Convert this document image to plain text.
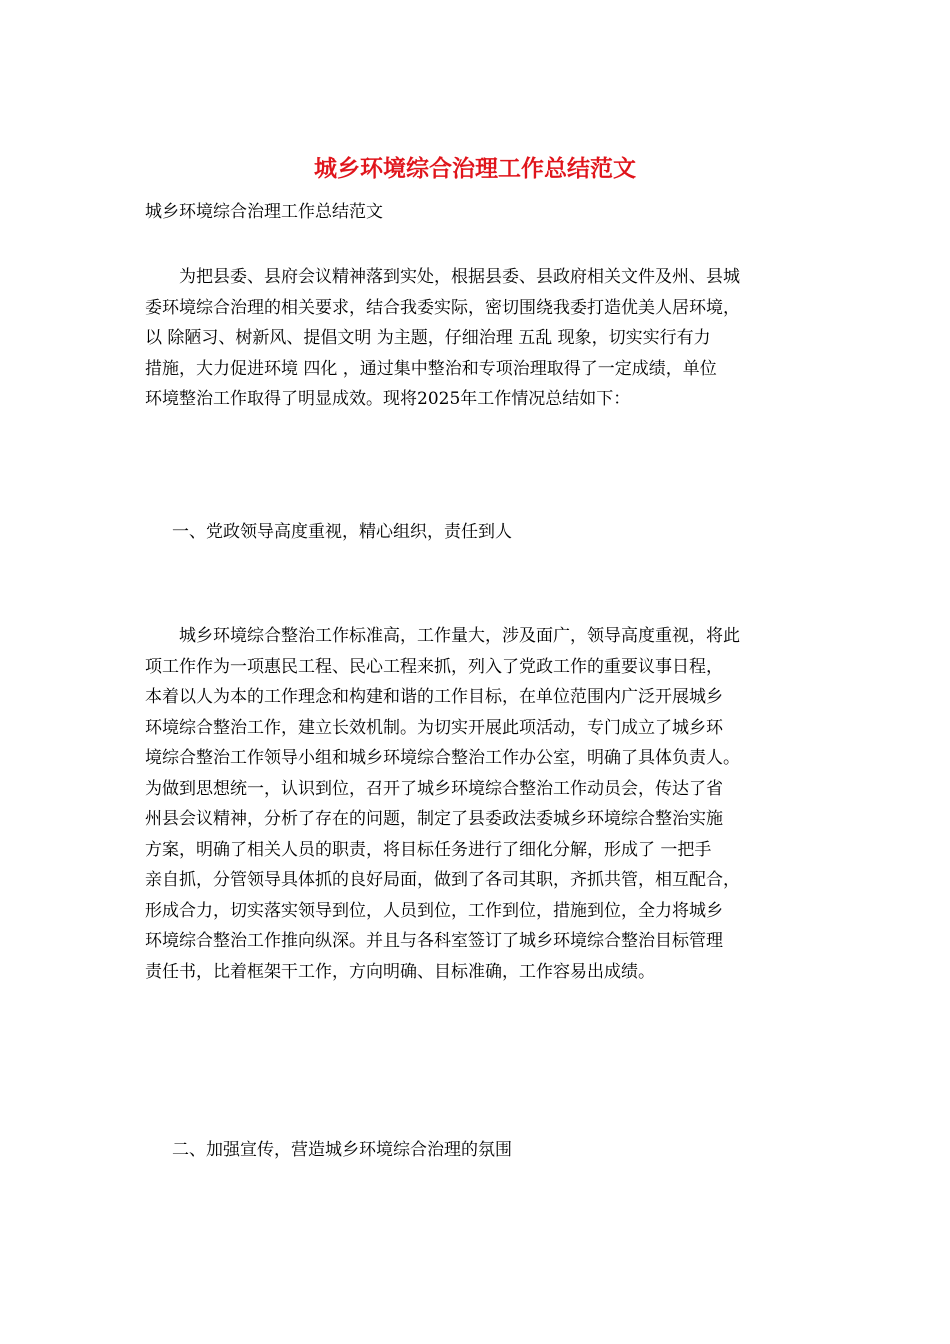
城乡环境综合治理工作总结范文
城乡环境综合治理工作总结范文
　　为把县委、县府会议精神落到实处，根据县委、县政府相关文件及州、县城
委环境综合治理的相关要求，结合我委实际，密切围绕我委打造优美人居环境，
以 除陋习、树新风、提倡文明 为主题，仔细治理 五乱 现象，切实实行有力
措施，大力促进环境 四化 ，通过集中整治和专项治理取得了一定成绩，单位
环境整治工作取得了明显成效。现将2025年工作情况总结如下：
一、党政领导高度重视，精心组织，责任到人
　　城乡环境综合整治工作标准高，工作量大，涉及面广，领导高度重视，将此
项工作作为一项惠民工程、民心工程来抓，列入了党政工作的重要议事日程，
本着以人为本的工作理念和构建和谐的工作目标，在单位范围内广泛开展城乡
环境综合整治工作，建立长效机制。为切实开展此项活动，专门成立了城乡环
境综合整治工作领导小组和城乡环境综合整治工作办公室，明确了具体负责人。
为做到思想统一，认识到位，召开了城乡环境综合整治工作动员会，传达了省
州县会议精神，分析了存在的问题，制定了县委政法委城乡环境综合整治实施
方案，明确了相关人员的职责，将目标任务进行了细化分解，形成了 一把手
亲自抓，分管领导具体抓的良好局面，做到了各司其职，齐抓共管，相互配合，
形成合力，切实落实领导到位，人员到位，工作到位，措施到位，全力将城乡
环境综合整治工作推向纵深。并且与各科室签订了城乡环境综合整治目标管理
责任书，比着框架干工作，方向明确、目标准确，工作容易出成绩。
二、加强宣传，营造城乡环境综合治理的氛围
